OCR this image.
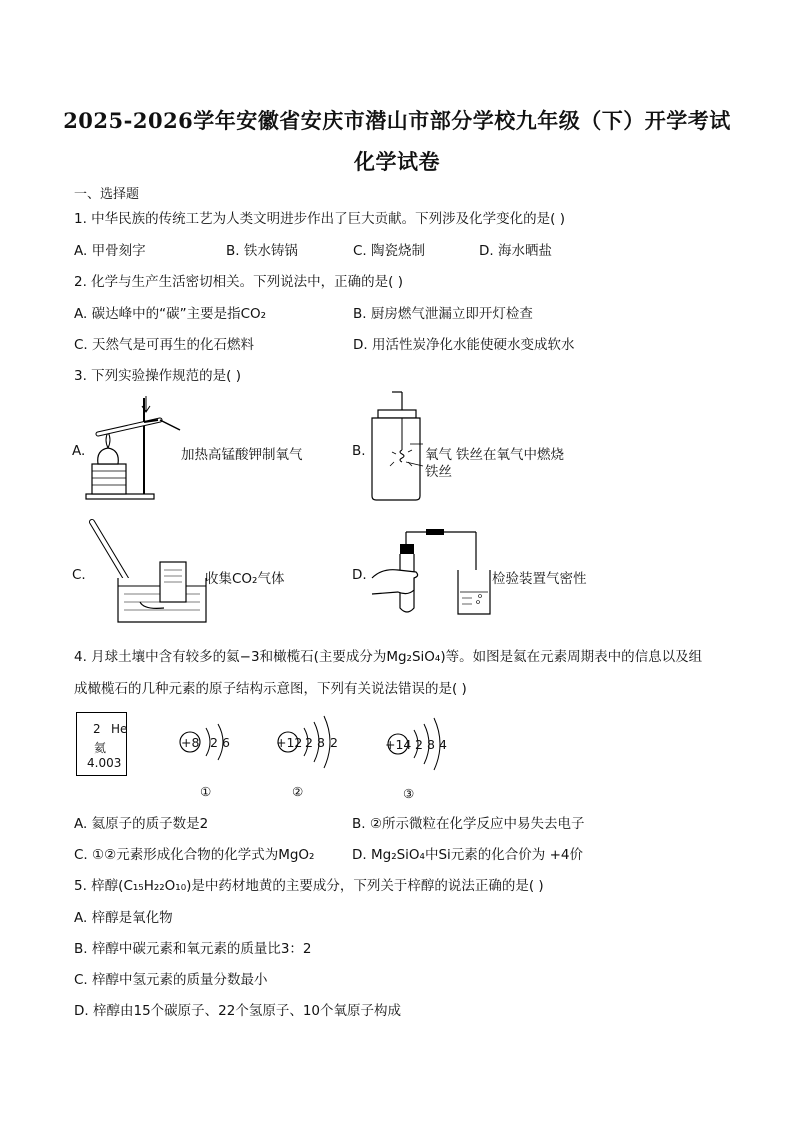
2025-2026学年安徽省安庆市潜山市部分学校九年级（下）开学考试
化学试卷
一、选择题
1. 中华民族的传统工艺为人类文明进步作出了巨大贡献。下列涉及化学变化的是( )
A. 甲骨刻字	B. 铁水铸锅	C. 陶瓷烧制	D. 海水晒盐
2. 化学与生产生活密切相关。下列说法中，正确的是( )
A. 碳达峰中的“碳”主要是指CO₂	B. 厨房燃气泄漏立即开灯检查
C. 天然气是可再生的化石燃料	D. 用活性炭净化水能使硬水变成软水
3. 下列实验操作规范的是( )
A.	加热高锰酸钾制氧气	B.	氧气 铁丝在氧气中燃烧
铁丝
C.	收集CO₂气体	D.	检验装置气密性
4. 月球土壤中含有较多的氦−3和橄榄石(主要成分为Mg₂SiO₄)等。如图是氦在元素周期表中的信息以及组
成橄榄石的几种元素的原子结构示意图，下列有关说法错误的是( )
2 He
氦
4.003
+8 2 6
①
+12 2 8 2
②
+14 2 8 4
③
A. 氦原子的质子数是2	B. ②所示微粒在化学反应中易失去电子
C. ①②元素形成化合物的化学式为MgO₂	D. Mg₂SiO₄中Si元素的化合价为 +4价
5. 梓醇(C₁₅H₂₂O₁₀)是中药材地黄的主要成分，下列关于梓醇的说法正确的是( )
A. 梓醇是氧化物
B. 梓醇中碳元素和氧元素的质量比3：2
C. 梓醇中氢元素的质量分数最小
D. 梓醇由15个碳原子、22个氢原子、10个氧原子构成
